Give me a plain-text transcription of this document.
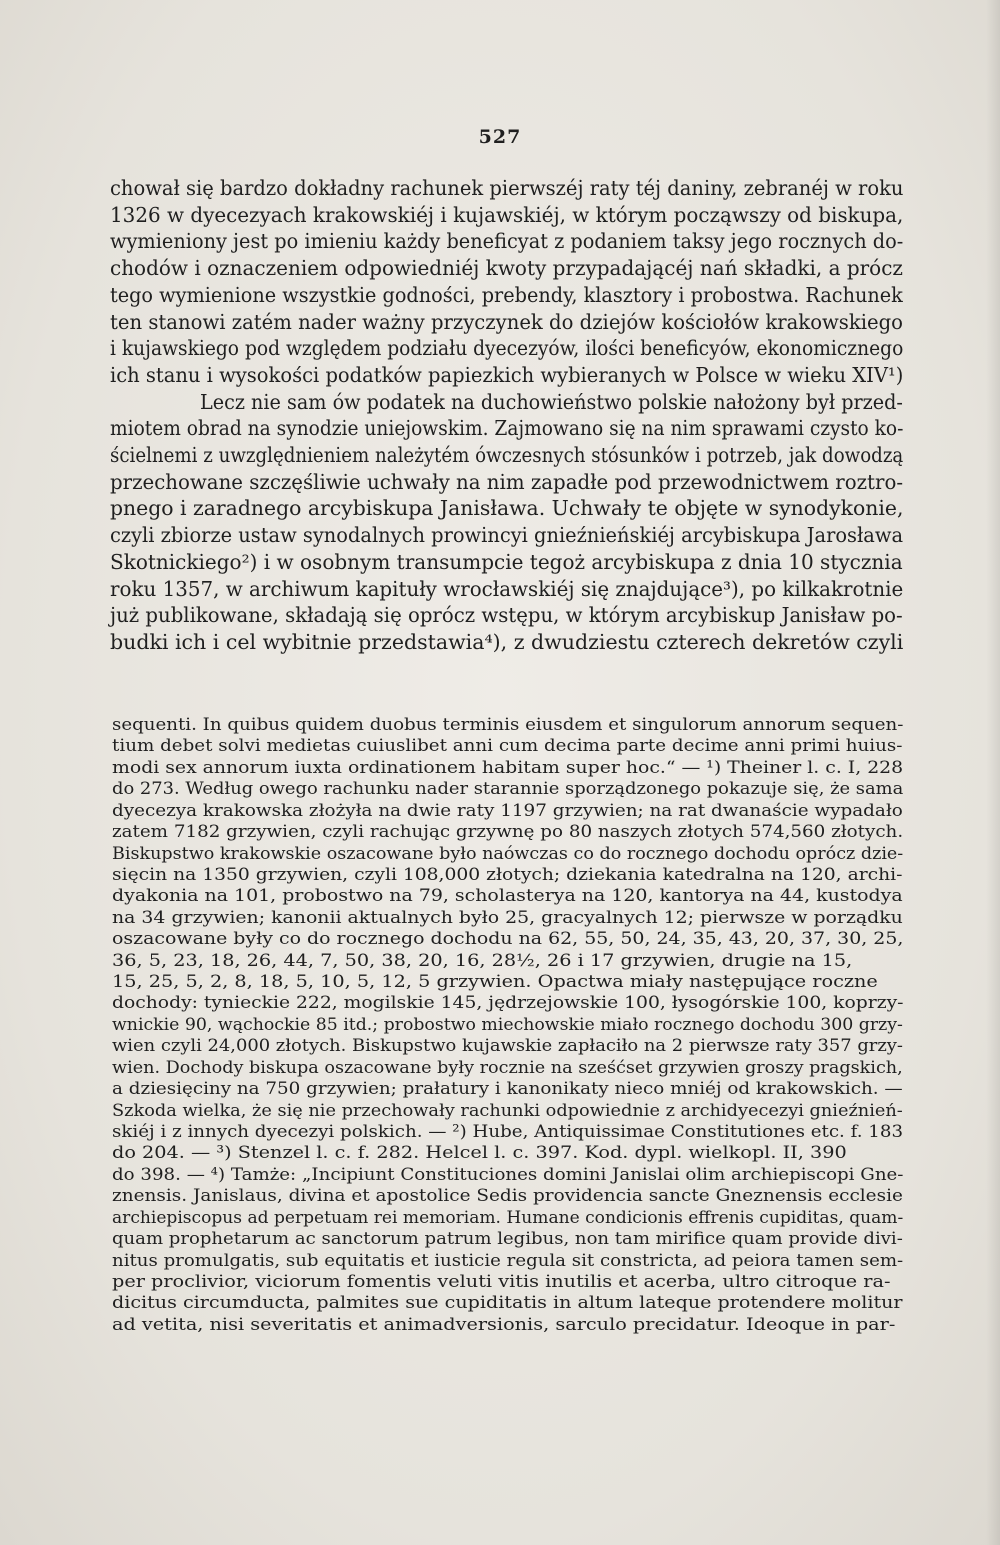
527

chował się bardzo dokładny rachunek pierwszéj raty téj daniny, zebranéj w roku

1326 w dyecezyach krakowskiéj i kujawskiéj, w którym począwszy od biskupa,

wymieniony jest po imieniu każdy beneficyat z podaniem taksy jego rocznych do-

chodów i oznaczeniem odpowiedniéj kwoty przypadającéj nań składki, a prócz

tego wymienione wszystkie godności, prebendy, klasztory i probostwa. Rachunek

ten stanowi zatém nader ważny przyczynek do dziejów kościołów krakowskiego

i kujawskiego pod względem podziału dyecezyów, ilości beneficyów, ekonomicznego

ich stanu i wysokości podatków papiezkich wybieranych w Polsce w wieku XIV¹)

Lecz nie sam ów podatek na duchowieństwo polskie nałożony był przed-

miotem obrad na synodzie uniejowskim. Zajmowano się na nim sprawami czysto ko-

ścielnemi z uwzględnieniem należytém ówczesnych stósunków i potrzeb, jak dowodzą

przechowane szczęśliwie uchwały na nim zapadłe pod przewodnictwem roztro-

pnego i zaradnego arcybiskupa Janisława. Uchwały te objęte w synodykonie,

czyli zbiorze ustaw synodalnych prowincyi gnieźnieńskiéj arcybiskupa Jarosława

Skotnickiego²) i w osobnym transumpcie tegoż arcybiskupa z dnia 10 stycznia

roku 1357, w archiwum kapituły wrocławskiéj się znajdujące³), po kilkakrotnie

już publikowane, składają się oprócz wstępu, w którym arcybiskup Janisław po-

budki ich i cel wybitnie przedstawia⁴), z dwudziestu czterech dekretów czyli

sequenti. In quibus quidem duobus terminis eiusdem et singulorum annorum sequen-

tium debet solvi medietas cuiuslibet anni cum decima parte decime anni primi huius-

modi sex annorum iuxta ordinationem habitam super hoc.“ — ¹) Theiner l. c. I, 228

do 273. Według owego rachunku nader starannie sporządzonego pokazuje się, że sama

dyecezya krakowska złożyła na dwie raty 1197 grzywien; na rat dwanaście wypadało

zatem 7182 grzywien, czyli rachując grzywnę po 80 naszych złotych 574,560 złotych.

Biskupstwo krakowskie oszacowane było naówczas co do rocznego dochodu oprócz dzie-

sięcin na 1350 grzywien, czyli 108,000 złotych; dziekania katedralna na 120, archi-

dyakonia na 101, probostwo na 79, scholasterya na 120, kantorya na 44, kustodya

na 34 grzywien; kanonii aktualnych było 25, gracyalnych 12; pierwsze w porządku

oszacowane były co do rocznego dochodu na 62, 55, 50, 24, 35, 43, 20, 37, 30, 25,

36, 5, 23, 18, 26, 44, 7, 50, 38, 20, 16, 28½, 26 i 17 grzywien, drugie na 15,

15, 25, 5, 2, 8, 18, 5, 10, 5, 12, 5 grzywien. Opactwa miały następujące roczne

dochody: tynieckie 222, mogilskie 145, jędrzejowskie 100, łysogórskie 100, koprzy-

wnickie 90, wąchockie 85 itd.; probostwo miechowskie miało rocznego dochodu 300 grzy-

wien czyli 24,000 złotych. Biskupstwo kujawskie zapłaciło na 2 pierwsze raty 357 grzy-

wien. Dochody biskupa oszacowane były rocznie na sześćset grzywien groszy pragskich,

a dziesięciny na 750 grzywien; prałatury i kanonikaty nieco mniéj od krakowskich. —

Szkoda wielka, że się nie przechowały rachunki odpowiednie z archidyecezyi gnieźnień-

skiéj i z innych dyecezyi polskich. — ²) Hube, Antiquissimae Constitutiones etc. f. 183

do 204. — ³) Stenzel l. c. f. 282. Helcel l. c. 397. Kod. dypl. wielkopl. II, 390

do 398. — ⁴) Tamże: „Incipiunt Constituciones domini Janislai olim archiepiscopi Gne-

znensis. Janislaus, divina et apostolice Sedis providencia sancte Gneznensis ecclesie

archiepiscopus ad perpetuam rei memoriam. Humane condicionis effrenis cupiditas, quam-

quam prophetarum ac sanctorum patrum legibus, non tam mirifice quam provide divi-

nitus promulgatis, sub equitatis et iusticie regula sit constricta, ad peiora tamen sem-

per proclivior, viciorum fomentis veluti vitis inutilis et acerba, ultro citroque ra-

dicitus circumducta, palmites sue cupiditatis in altum lateque protendere molitur

ad vetita, nisi severitatis et animadversionis, sarculo precidatur. Ideoque in par-
